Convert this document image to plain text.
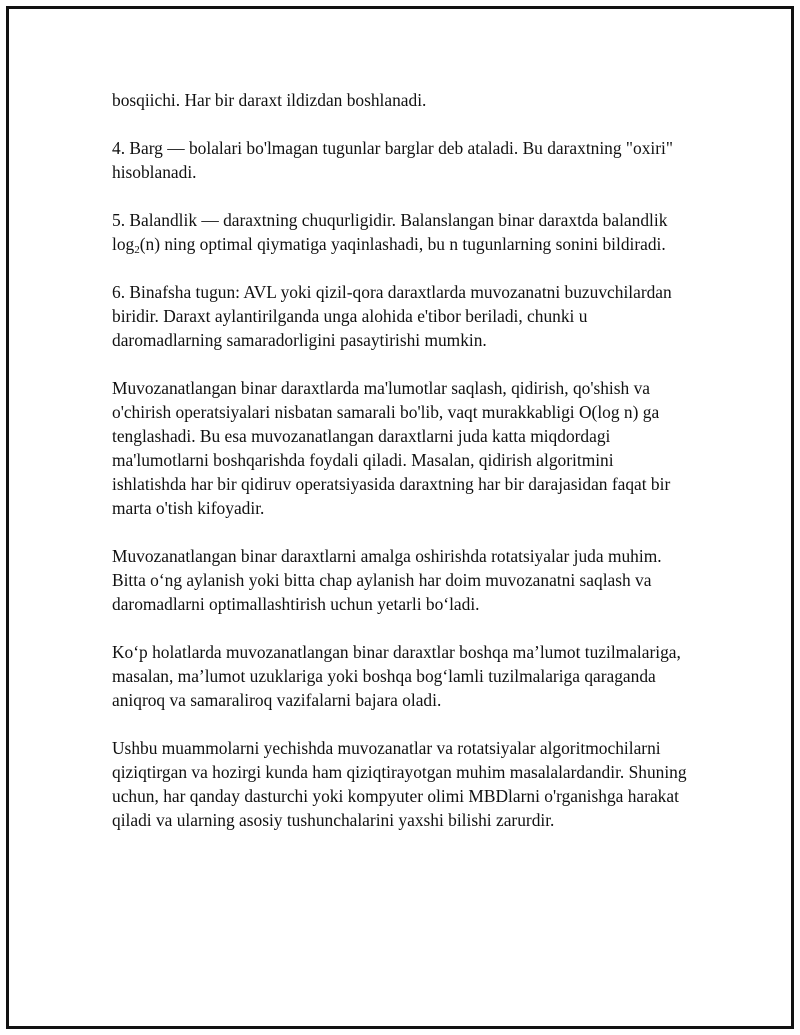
bosqiichi. Har bir daraxt ildizdan boshlanadi.

4. Barg — bolalari bo'lmagan tugunlar barglar deb ataladi. Bu daraxtning "oxiri" hisoblanadi.

5. Balandlik — daraxtning chuqurligidir. Balanslangan binar daraxtda balandlik $\log_2(n)$ ning optimal qiymatiga yaqinlashadi, bu n tugunlarning sonini bildiradi.

6. Binafsha tugun: AVL yoki qizil-qora daraxtlarda muvozanatni buzuvchilardan biridir. Daraxt aylantirilganda unga alohida e'tibor beriladi, chunki u daromadlarning samaradorligini pasaytirishi mumkin.

Muvozanatlangan binar daraxtlarda ma'lumotlar saqlash, qidirish, qo'shish va o'chirish operatsiyalari nisbatan samarali bo'lib, vaqt murakkabligi O(log n) ga tenglashadi. Bu esa muvozanatlangan daraxtlarni juda katta miqdordagi ma'lumotlarni boshqarishda foydali qiladi. Masalan, qidirish algoritmini ishlatishda har bir qidiruv operatsiyasida daraxtning har bir darajasidan faqat bir marta o'tish kifoyadir.

Muvozanatlangan binar daraxtlarni amalga oshirishda rotatsiyalar juda muhim. Bitta o‘ng aylanish yoki bitta chap aylanish har doim muvozanatni saqlash va daromadlarni optimallashtirish uchun yetarli bo‘ladi.

Ko‘p holatlarda muvozanatlangan binar daraxtlar boshqa ma’lumot tuzilmalariga, masalan, ma’lumot uzuklariga yoki boshqa bog‘lamli tuzilmalariga qaraganda aniqroq va samaraliroq vazifalarni bajara oladi.

Ushbu muammolarni yechishda muvozanatlar va rotatsiyalar algoritmochilarni qiziqtirgan va hozirgi kunda ham qiziqtirayotgan muhim masalalardandir. Shuning uchun, har qanday dasturchi yoki kompyuter olimi MBDlarni o'rganishga harakat qiladi va ularning asosiy tushunchalarini yaxshi bilishi zarurdir.
